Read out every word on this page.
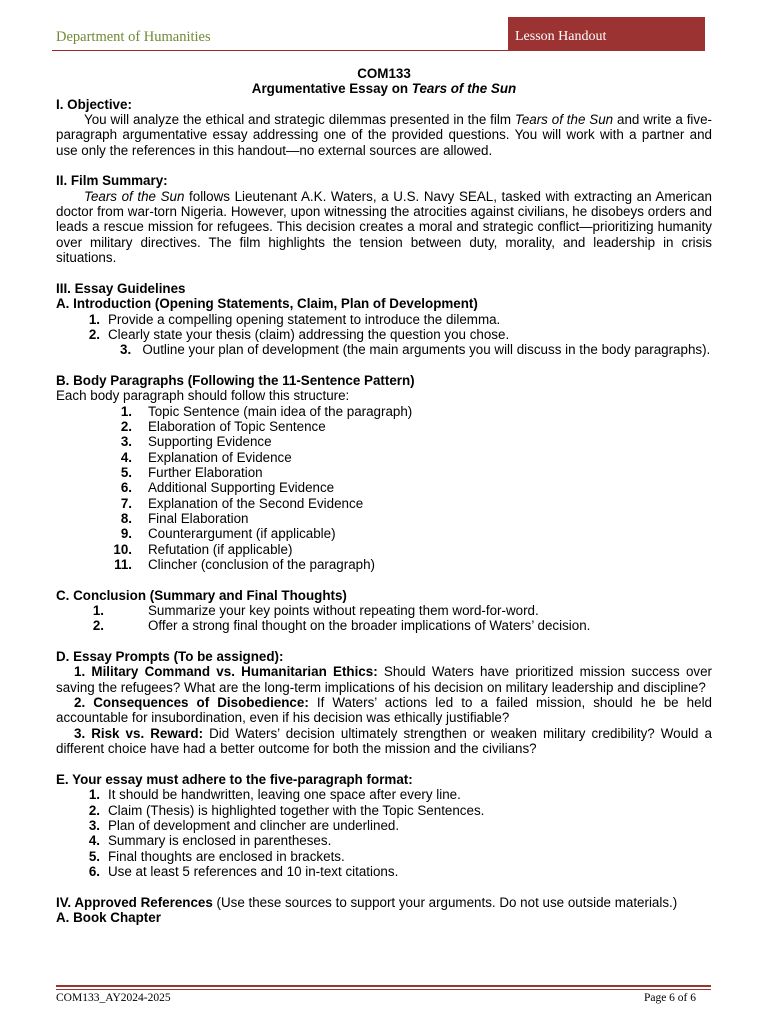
Department of Humanities	Lesson Handout
COM133
Argumentative Essay on Tears of the Sun
I. Objective:

You will analyze the ethical and strategic dilemmas presented in the film Tears of the Sun and write a five-paragraph argumentative essay addressing one of the provided questions. You will work with a partner and use only the references in this handout—no external sources are allowed.

II. Film Summary:

Tears of the Sun follows Lieutenant A.K. Waters, a U.S. Navy SEAL, tasked with extracting an American doctor from war-torn Nigeria. However, upon witnessing the atrocities against civilians, he disobeys orders and leads a rescue mission for refugees. This decision creates a moral and strategic conflict—prioritizing humanity over military directives. The film highlights the tension between duty, morality, and leadership in crisis situations.

III. Essay Guidelines
A. Introduction (Opening Statements, Claim, Plan of Development)
1. Provide a compelling opening statement to introduce the dilemma.
2. Clearly state your thesis (claim) addressing the question you chose.

3. Outline your plan of development (the main arguments you will discuss in the body paragraphs).

B. Body Paragraphs (Following the 11-Sentence Pattern)
Each body paragraph should follow this structure:
1. Topic Sentence (main idea of the paragraph)
2. Elaboration of Topic Sentence
3. Supporting Evidence
4. Explanation of Evidence
5. Further Elaboration
6. Additional Supporting Evidence
7. Explanation of the Second Evidence
8. Final Elaboration
9. Counterargument (if applicable)
10. Refutation (if applicable)
11. Clincher (conclusion of the paragraph)
C. Conclusion (Summary and Final Thoughts)
1.	Summarize your key points without repeating them word-for-word.
2.	Offer a strong final thought on the broader implications of Waters’ decision.
D. Essay Prompts (To be assigned):

1. Military Command vs. Humanitarian Ethics: Should Waters have prioritized mission success over saving the refugees? What are the long-term implications of his decision on military leadership and discipline?

2. Consequences of Disobedience: If Waters’ actions led to a failed mission, should he be held accountable for insubordination, even if his decision was ethically justifiable?

3. Risk vs. Reward: Did Waters’ decision ultimately strengthen or weaken military credibility? Would a different choice have had a better outcome for both the mission and the civilians?

E. Your essay must adhere to the five-paragraph format:
1. It should be handwritten, leaving one space after every line.
2. Claim (Thesis) is highlighted together with the Topic Sentences.
3. Plan of development and clincher are underlined.
4. Summary is enclosed in parentheses.
5. Final thoughts are enclosed in brackets.
6. Use at least 5 references and 10 in-text citations.

IV. Approved References (Use these sources to support your arguments. Do not use outside materials.)

A. Book Chapter
COM133_AY2024-2025	Page 6 of 6
